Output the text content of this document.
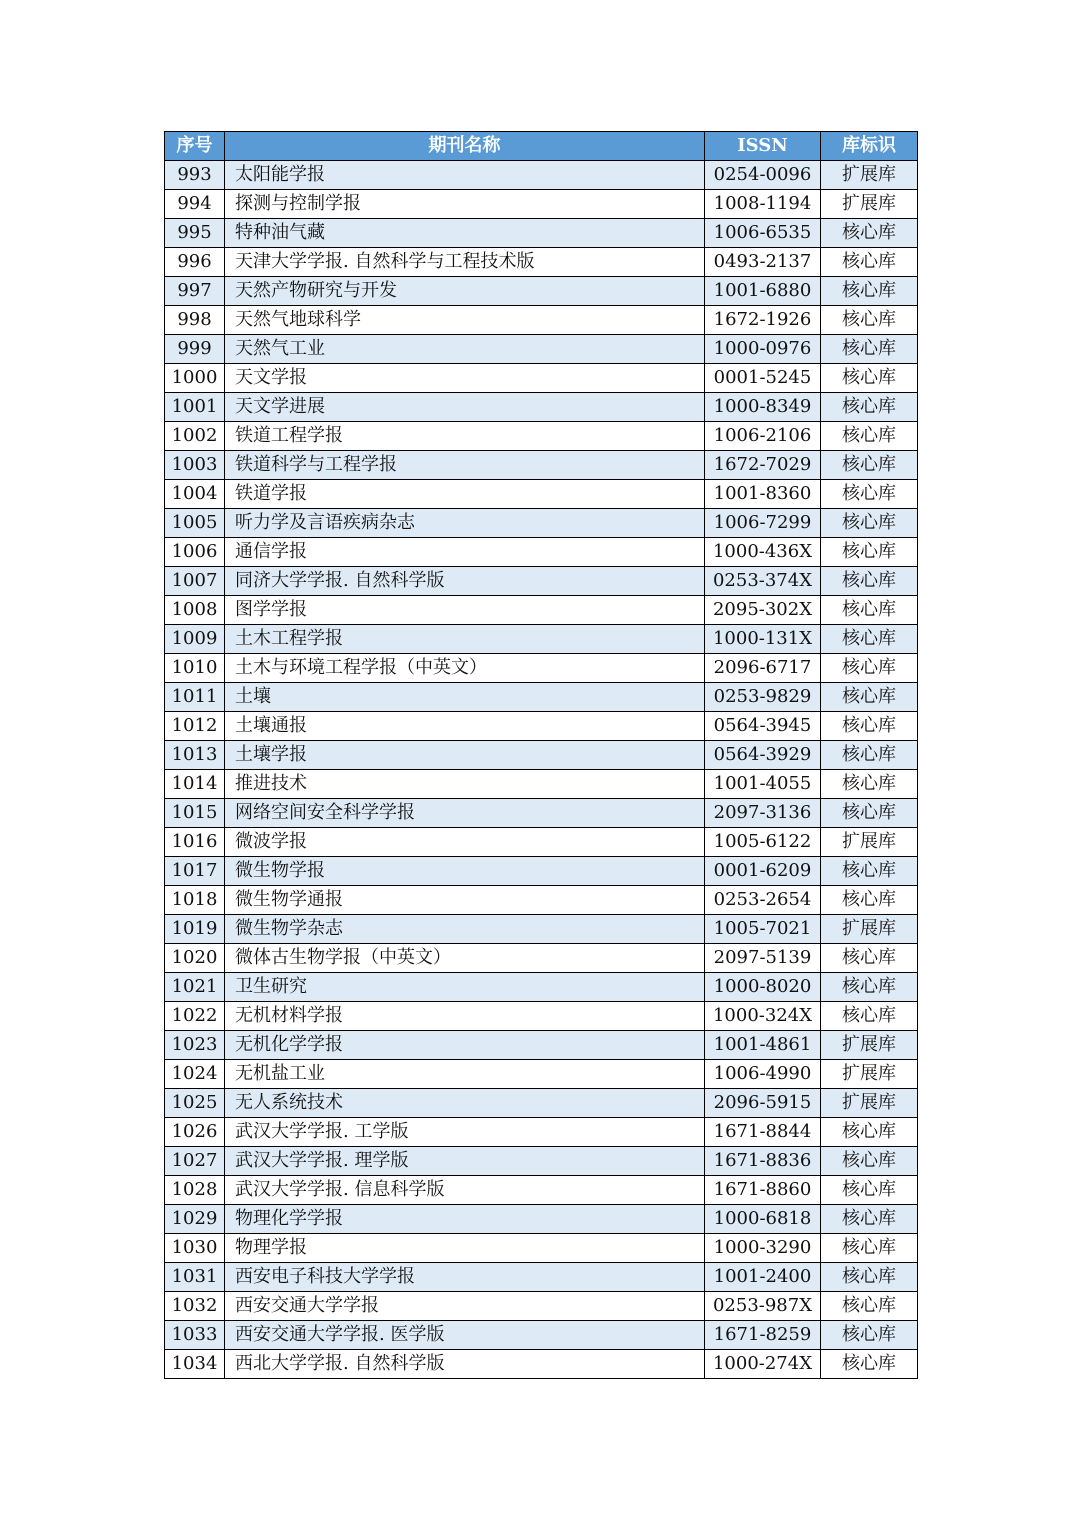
序号	期刊名称	ISSN	库标识
993	太阳能学报	0254-0096	扩展库
994	探测与控制学报	1008-1194	扩展库
995	特种油气藏	1006-6535	核心库
996	天津大学学报. 自然科学与工程技术版	0493-2137	核心库
997	天然产物研究与开发	1001-6880	核心库
998	天然气地球科学	1672-1926	核心库
999	天然气工业	1000-0976	核心库
1000	天文学报	0001-5245	核心库
1001	天文学进展	1000-8349	核心库
1002	铁道工程学报	1006-2106	核心库
1003	铁道科学与工程学报	1672-7029	核心库
1004	铁道学报	1001-8360	核心库
1005	听力学及言语疾病杂志	1006-7299	核心库
1006	通信学报	1000-436X	核心库
1007	同济大学学报. 自然科学版	0253-374X	核心库
1008	图学学报	2095-302X	核心库
1009	土木工程学报	1000-131X	核心库
1010	土木与环境工程学报（中英文）	2096-6717	核心库
1011	土壤	0253-9829	核心库
1012	土壤通报	0564-3945	核心库
1013	土壤学报	0564-3929	核心库
1014	推进技术	1001-4055	核心库
1015	网络空间安全科学学报	2097-3136	核心库
1016	微波学报	1005-6122	扩展库
1017	微生物学报	0001-6209	核心库
1018	微生物学通报	0253-2654	核心库
1019	微生物学杂志	1005-7021	扩展库
1020	微体古生物学报（中英文）	2097-5139	核心库
1021	卫生研究	1000-8020	核心库
1022	无机材料学报	1000-324X	核心库
1023	无机化学学报	1001-4861	扩展库
1024	无机盐工业	1006-4990	扩展库
1025	无人系统技术	2096-5915	扩展库
1026	武汉大学学报. 工学版	1671-8844	核心库
1027	武汉大学学报. 理学版	1671-8836	核心库
1028	武汉大学学报. 信息科学版	1671-8860	核心库
1029	物理化学学报	1000-6818	核心库
1030	物理学报	1000-3290	核心库
1031	西安电子科技大学学报	1001-2400	核心库
1032	西安交通大学学报	0253-987X	核心库
1033	西安交通大学学报. 医学版	1671-8259	核心库
1034	西北大学学报. 自然科学版	1000-274X	核心库
